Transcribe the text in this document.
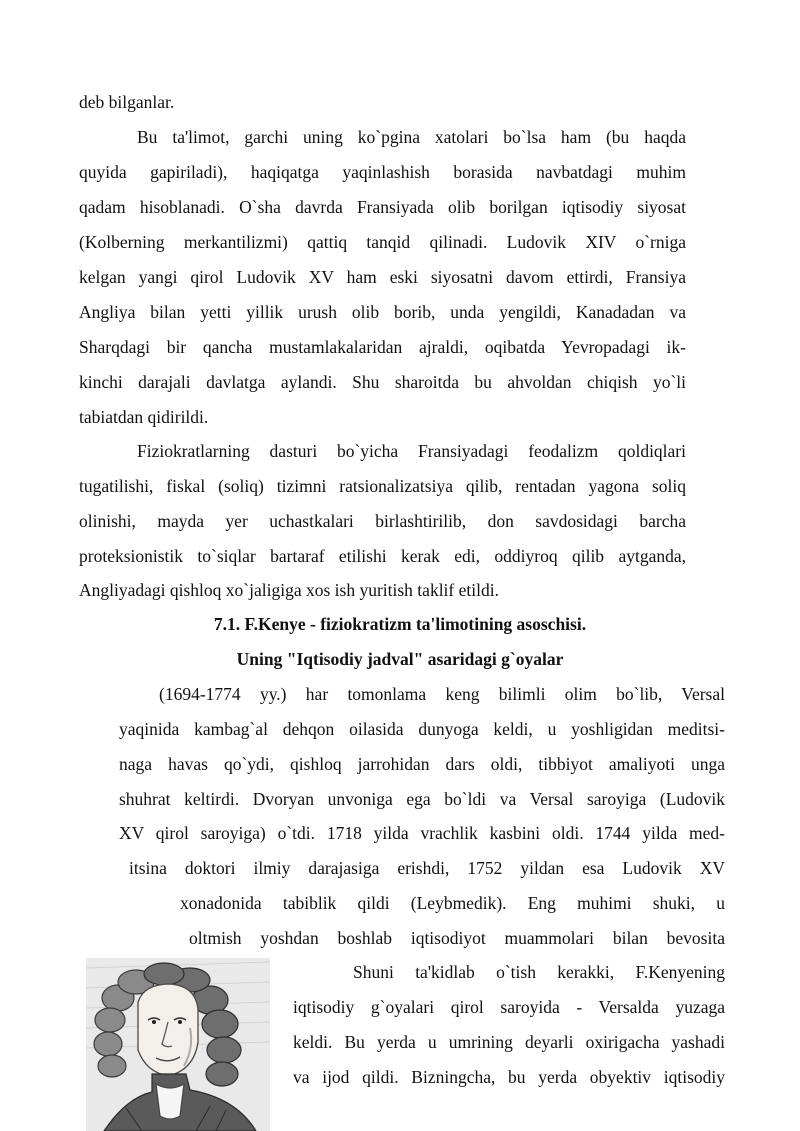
deb bilganlar.
Bu ta'limot, garchi uning ko`pgina xatolari bo`lsa ham (bu haqda
quyida gapiriladi), haqiqatga yaqinlashish borasida navbatdagi muhim
qadam hisoblanadi. O`sha davrda Fransiyada olib borilgan iqtisodiy siyosat
(Kolberning merkantilizmi) qattiq tanqid qilinadi. Ludovik XIV o`rniga
kelgan yangi qirol Ludovik XV ham eski siyosatni davom ettirdi, Fransiya
Angliya bilan yetti yillik urush olib borib, unda yengildi, Kanadadan va
Sharqdagi bir qancha mustamlakalaridan ajraldi, oqibatda Yevropadagi ik-
kinchi darajali davlatga aylandi. Shu sharoitda bu ahvoldan chiqish yo`li
tabiatdan qidirildi.
Fiziokratlarning dasturi bo`yicha Fransiyadagi feodalizm qoldiqlari
tugatilishi, fiskal (soliq) tizimni ratsionalizatsiya qilib, rentadan yagona soliq
olinishi, mayda yer uchastkalari birlashtirilib, don savdosidagi barcha
proteksionistik to`siqlar bartaraf etilishi kerak edi, oddiyroq qilib aytganda,
Angliyadagi qishloq xo`jaligiga xos ish yuritish taklif etildi.
7.1. F.Kenye - fiziokratizm ta'limotining asoschisi.
Uning "Iqtisodiy jadval" asaridagi g`oyalar
(1694-1774 yy.) har tomonlama keng bilimli olim bo`lib, Versal
yaqinida kambag`al dehqon oilasida dunyoga keldi, u yoshligidan meditsi-
naga havas qo`ydi, qishloq jarrohidan dars oldi, tibbiyot amaliyoti unga
shuhrat keltirdi. Dvoryan unvoniga ega bo`ldi va Versal saroyiga (Ludovik
XV qirol saroyiga) o`tdi. 1718 yilda vrachlik kasbini oldi. 1744 yilda med-
itsina doktori ilmiy darajasiga erishdi, 1752 yildan esa Ludovik XV
xonadonida tabiblik qildi (Leybmedik). Eng muhimi shuki, u
oltmish yoshdan boshlab iqtisodiyot muammolari bilan bevosita
Shuni ta'kidlab o`tish kerakki, F.Kenyening
iqtisodiy g`oyalari qirol saroyida - Versalda yuzaga
keldi. Bu yerda u umrining deyarli oxirigacha yashadi
va ijod qildi. Bizningcha, bu yerda obyektiv iqtisodiy
